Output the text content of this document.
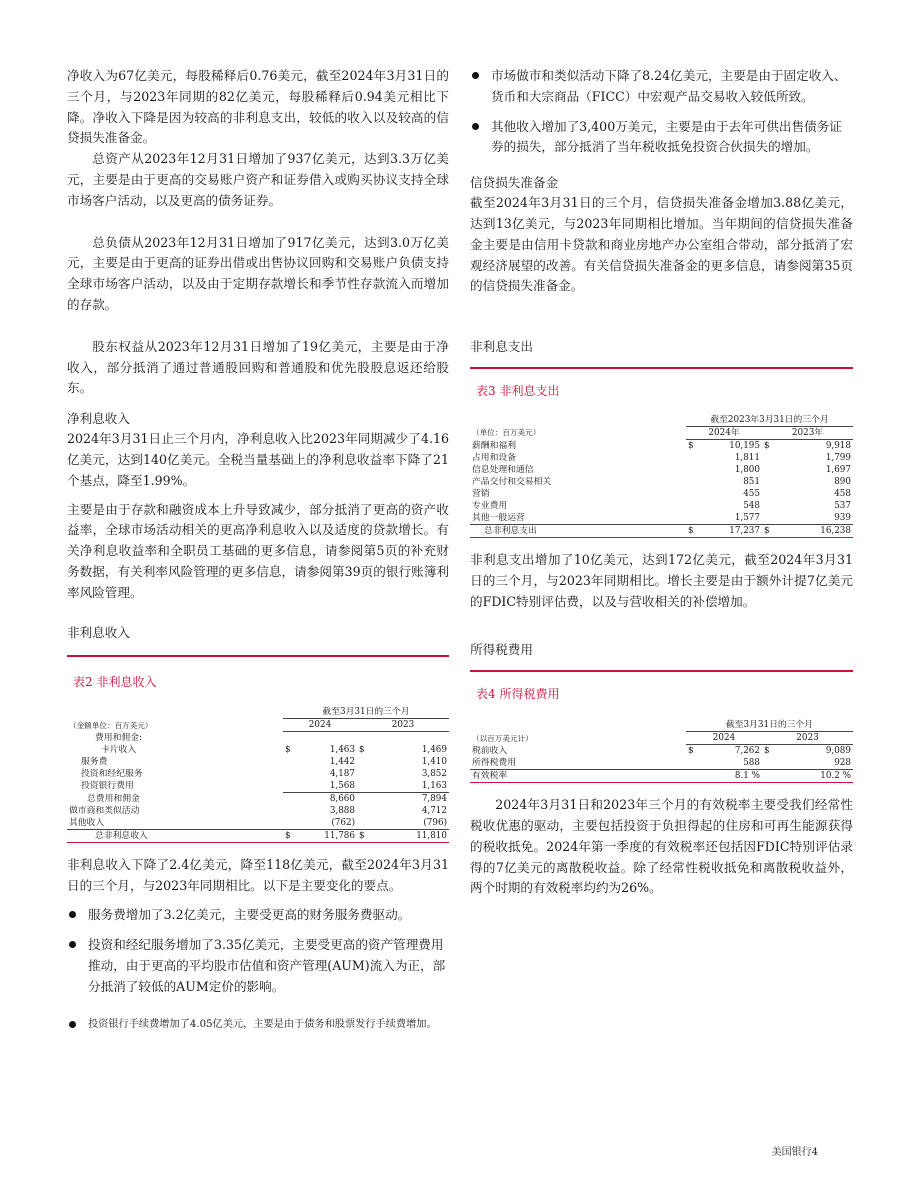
净收入为67亿美元，每股稀释后0.76美元，截至2024年3月31日的三个月，与2023年同期的82亿美元，每股稀释后0.94美元相比下降。净收入下降是因为较高的非利息支出，较低的收入以及较高的信贷损失准备金。

总资产从2023年12月31日增加了937亿美元，达到3.3万亿美元，主要是由于更高的交易账户资产和证券借入或购买协议支持全球市场客户活动，以及更高的债务证券。

总负债从2023年12月31日增加了917亿美元，达到3.0万亿美元，主要是由于更高的证券出借或出售协议回购和交易账户负债支持全球市场客户活动，以及由于定期存款增长和季节性存款流入而增加的存款。

股东权益从2023年12月31日增加了19亿美元，主要是由于净收入，部分抵消了通过普通股回购和普通股和优先股股息返还给股东。

净利息收入

2024年3月31日止三个月内，净利息收入比2023年同期减少了4.16亿美元，达到140亿美元。全税当量基础上的净利息收益率下降了21个基点，降至1.99%。

主要是由于存款和融资成本上升导致减少，部分抵消了更高的资产收益率，全球市场活动相关的更高净利息收入以及适度的贷款增长。有关净利息收益率和全职员工基础的更多信息，请参阅第5页的补充财务数据，有关利率风险管理的更多信息，请参阅第39页的银行账簿利率风险管理。

非利息收入

表2 非利息收入

	截至3月31日的三个月			
（金额单位：百万美元）	2024		2023	
费用和佣金:				
卡片收入	$	1,463	$	1,469
服务费		1,442		1,410
投资和经纪服务		4,187		3,852
投资银行费用		1,568		1,163
总费用和佣金		8,660		7,894
做市商和类似活动		3,888		4,712
其他收入		(762)		(796)
总非利息收入	$	11,786	$	11,810

非利息收入下降了2.4亿美元，降至118亿美元，截至2024年3月31日的三个月，与2023年同期相比。以下是主要变化的要点。

服务费增加了3.2亿美元，主要受更高的财务服务费驱动。
投资和经纪服务增加了3.35亿美元，主要受更高的资产管理费用推动，由于更高的平均股市估值和资产管理(AUM)流入为正，部分抵消了较低的AUM定价的影响。
投资银行手续费增加了4.05亿美元，主要是由于债务和股票发行手续费增加。
市场做市和类似活动下降了8.24亿美元，主要是由于固定收入、货币和大宗商品（FICC）中宏观产品交易收入较低所致。
其他收入增加了3,400万美元，主要是由于去年可供出售债务证券的损失，部分抵消了当年税收抵免投资合伙损失的增加。

信贷损失准备金

截至2024年3月31日的三个月，信贷损失准备金增加3.88亿美元，达到13亿美元，与2023年同期相比增加。当年期间的信贷损失准备金主要是由信用卡贷款和商业房地产办公室组合带动，部分抵消了宏观经济展望的改善。有关信贷损失准备金的更多信息，请参阅第35页的信贷损失准备金。

非利息支出

表3 非利息支出

	截至2023年3月31日的三个月			
（单位：百万美元）	2024年		2023年	
薪酬和福利	$	10,195	$	9,918
占用和设备		1,811		1,799
信息处理和通信		1,800		1,697
产品交付和交易相关		851		890
营销		455		458
专业费用		548		537
其他一般运营		1,577		939
总非利息支出	$	17,237	$	16,238

非利息支出增加了10亿美元，达到172亿美元，截至2024年3月31日的三个月，与2023年同期相比。增长主要是由于额外计提7亿美元的FDIC特别评估费，以及与营收相关的补偿增加。

所得税费用

表4 所得税费用

	截至3月31日的三个月			
（以百万美元计）	2024		2023	
税前收入	$	7,262	$	9,089
所得税费用		588		928
有效税率		8.1 %		10.2 %

2024年3月31日和2023年三个月的有效税率主要受我们经常性税收优惠的驱动，主要包括投资于负担得起的住房和可再生能源获得的税收抵免。2024年第一季度的有效税率还包括因FDIC特别评估录得的7亿美元的离散税收益。除了经常性税收抵免和离散税收益外，两个时期的有效税率均约为26%。

美国银行4
